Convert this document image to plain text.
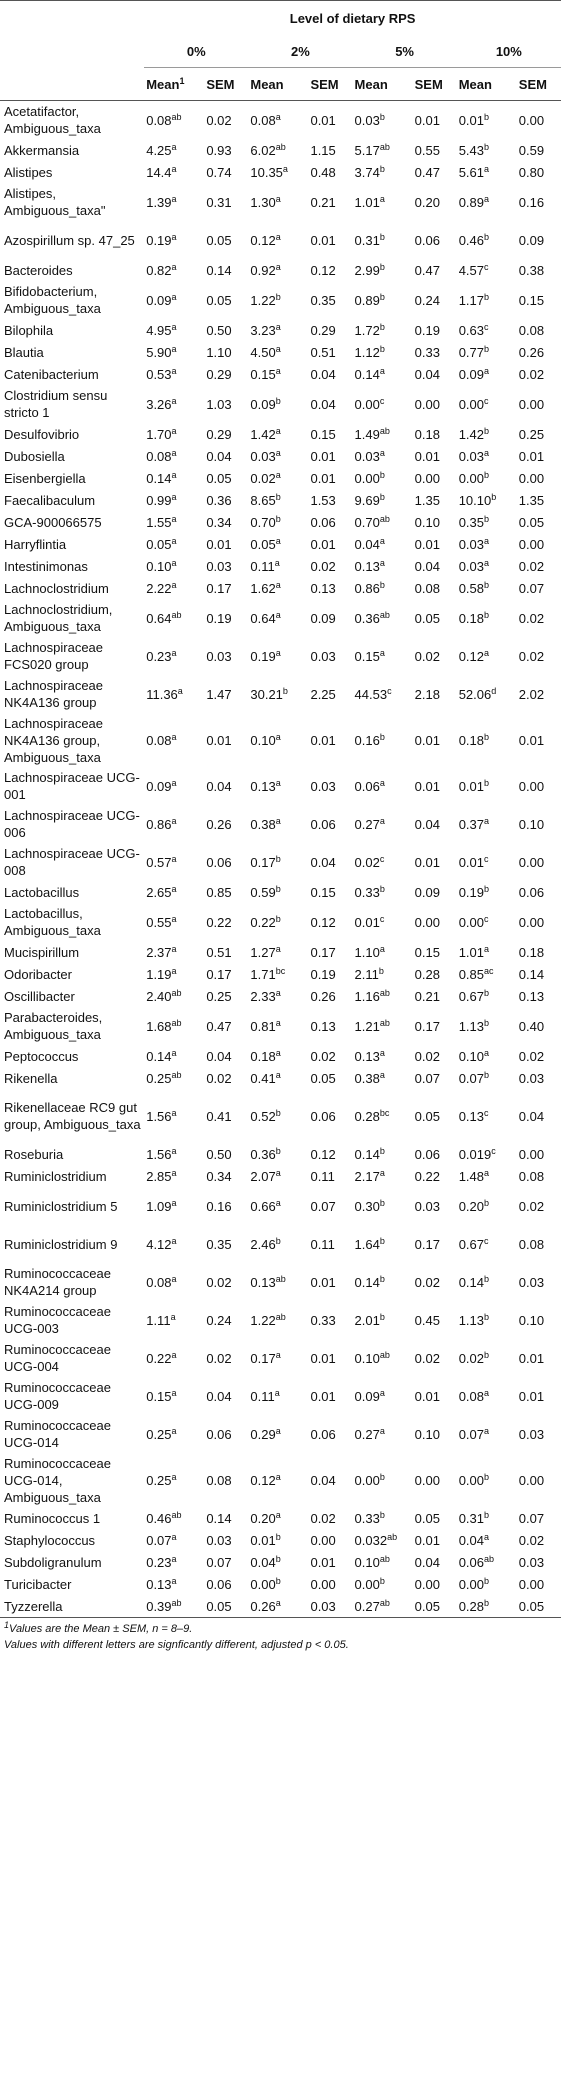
	Level of dietary RPS							
	0%		2%		5%		10%	
	Mean$^1$	SEM	Mean	SEM	Mean	SEM	Mean	SEM
Acetatifactor, Ambiguous_taxa	0.08$^{ab}$	0.02	0.08$^a$	0.01	0.03$^b$	0.01	0.01$^b$	0.00
Akkermansia	4.25$^a$	0.93	6.02$^{ab}$	1.15	5.17$^{ab}$	0.55	5.43$^b$	0.59
Alistipes	14.4$^a$	0.74	10.35$^a$	0.48	3.74$^b$	0.47	5.61$^a$	0.80
Alistipes, Ambiguous_taxa"	1.39$^a$	0.31	1.30$^a$	0.21	1.01$^a$	0.20	0.89$^a$	0.16
Azospirillum sp. 47_25	0.19$^a$	0.05	0.12$^a$	0.01	0.31$^b$	0.06	0.46$^b$	0.09
Bacteroides	0.82$^a$	0.14	0.92$^a$	0.12	2.99$^b$	0.47	4.57$^c$	0.38
Bifidobacterium, Ambiguous_taxa	0.09$^a$	0.05	1.22$^b$	0.35	0.89$^b$	0.24	1.17$^b$	0.15
Bilophila	4.95$^a$	0.50	3.23$^a$	0.29	1.72$^b$	0.19	0.63$^c$	0.08
Blautia	5.90$^a$	1.10	4.50$^a$	0.51	1.12$^b$	0.33	0.77$^b$	0.26
Catenibacterium	0.53$^a$	0.29	0.15$^a$	0.04	0.14$^a$	0.04	0.09$^a$	0.02
Clostridium sensu stricto 1	3.26$^a$	1.03	0.09$^b$	0.04	0.00$^c$	0.00	0.00$^c$	0.00
Desulfovibrio	1.70$^a$	0.29	1.42$^a$	0.15	1.49$^{ab}$	0.18	1.42$^b$	0.25
Dubosiella	0.08$^a$	0.04	0.03$^a$	0.01	0.03$^a$	0.01	0.03$^a$	0.01
Eisenbergiella	0.14$^a$	0.05	0.02$^a$	0.01	0.00$^b$	0.00	0.00$^b$	0.00
Faecalibaculum	0.99$^a$	0.36	8.65$^b$	1.53	9.69$^b$	1.35	10.10$^b$	1.35
GCA-900066575	1.55$^a$	0.34	0.70$^b$	0.06	0.70$^{ab}$	0.10	0.35$^b$	0.05
Harryflintia	0.05$^a$	0.01	0.05$^a$	0.01	0.04$^a$	0.01	0.03$^a$	0.00
Intestinimonas	0.10$^a$	0.03	0.11$^a$	0.02	0.13$^a$	0.04	0.03$^a$	0.02
Lachnoclostridium	2.22$^a$	0.17	1.62$^a$	0.13	0.86$^b$	0.08	0.58$^b$	0.07
Lachnoclostridium, Ambiguous_taxa	0.64$^{ab}$	0.19	0.64$^a$	0.09	0.36$^{ab}$	0.05	0.18$^b$	0.02
Lachnospiraceae FCS020 group	0.23$^a$	0.03	0.19$^a$	0.03	0.15$^a$	0.02	0.12$^a$	0.02
Lachnospiraceae NK4A136 group	11.36$^a$	1.47	30.21$^b$	2.25	44.53$^c$	2.18	52.06$^d$	2.02
Lachnospiraceae NK4A136 group, Ambiguous_taxa	0.08$^a$	0.01	0.10$^a$	0.01	0.16$^b$	0.01	0.18$^b$	0.01
Lachnospiraceae UCG-001	0.09$^a$	0.04	0.13$^a$	0.03	0.06$^a$	0.01	0.01$^b$	0.00
Lachnospiraceae UCG-006	0.86$^a$	0.26	0.38$^a$	0.06	0.27$^a$	0.04	0.37$^a$	0.10
Lachnospiraceae UCG-008	0.57$^a$	0.06	0.17$^b$	0.04	0.02$^c$	0.01	0.01$^c$	0.00
Lactobacillus	2.65$^a$	0.85	0.59$^b$	0.15	0.33$^b$	0.09	0.19$^b$	0.06
Lactobacillus, Ambiguous_taxa	0.55$^a$	0.22	0.22$^b$	0.12	0.01$^c$	0.00	0.00$^c$	0.00
Mucispirillum	2.37$^a$	0.51	1.27$^a$	0.17	1.10$^a$	0.15	1.01$^a$	0.18
Odoribacter	1.19$^a$	0.17	1.71$^{bc}$	0.19	2.11$^b$	0.28	0.85$^{ac}$	0.14
Oscillibacter	2.40$^{ab}$	0.25	2.33$^a$	0.26	1.16$^{ab}$	0.21	0.67$^b$	0.13
Parabacteroides, Ambiguous_taxa	1.68$^{ab}$	0.47	0.81$^a$	0.13	1.21$^{ab}$	0.17	1.13$^b$	0.40
Peptococcus	0.14$^a$	0.04	0.18$^a$	0.02	0.13$^a$	0.02	0.10$^a$	0.02
Rikenella	0.25$^{ab}$	0.02	0.41$^a$	0.05	0.38$^a$	0.07	0.07$^b$	0.03
Rikenellaceae RC9 gut group, Ambiguous_taxa	1.56$^a$	0.41	0.52$^b$	0.06	0.28$^{bc}$	0.05	0.13$^c$	0.04
Roseburia	1.56$^a$	0.50	0.36$^b$	0.12	0.14$^b$	0.06	0.019$^c$	0.00
Ruminiclostridium	2.85$^a$	0.34	2.07$^a$	0.11	2.17$^a$	0.22	1.48$^a$	0.08
Ruminiclostridium 5	1.09$^a$	0.16	0.66$^a$	0.07	0.30$^b$	0.03	0.20$^b$	0.02
Ruminiclostridium 9	4.12$^a$	0.35	2.46$^b$	0.11	1.64$^b$	0.17	0.67$^c$	0.08
Ruminococcaceae NK4A214 group	0.08$^a$	0.02	0.13$^{ab}$	0.01	0.14$^b$	0.02	0.14$^b$	0.03
Ruminococcaceae UCG-003	1.11$^a$	0.24	1.22$^{ab}$	0.33	2.01$^b$	0.45	1.13$^b$	0.10
Ruminococcaceae UCG-004	0.22$^a$	0.02	0.17$^a$	0.01	0.10$^{ab}$	0.02	0.02$^b$	0.01
Ruminococcaceae UCG-009	0.15$^a$	0.04	0.11$^a$	0.01	0.09$^a$	0.01	0.08$^a$	0.01
Ruminococcaceae UCG-014	0.25$^a$	0.06	0.29$^a$	0.06	0.27$^a$	0.10	0.07$^a$	0.03
Ruminococcaceae UCG-014, Ambiguous_taxa	0.25$^a$	0.08	0.12$^a$	0.04	0.00$^b$	0.00	0.00$^b$	0.00
Ruminococcus 1	0.46$^{ab}$	0.14	0.20$^a$	0.02	0.33$^b$	0.05	0.31$^b$	0.07
Staphylococcus	0.07$^a$	0.03	0.01$^b$	0.00	0.032$^{ab}$	0.01	0.04$^a$	0.02
Subdoligranulum	0.23$^a$	0.07	0.04$^b$	0.01	0.10$^{ab}$	0.04	0.06$^{ab}$	0.03
Turicibacter	0.13$^a$	0.06	0.00$^b$	0.00	0.00$^b$	0.00	0.00$^b$	0.00
Tyzzerella	0.39$^{ab}$	0.05	0.26$^a$	0.03	0.27$^{ab}$	0.05	0.28$^b$	0.05

$^1$Values are the Mean ± SEM, n = 8–9.
Values with different letters are signficantly different, adjusted p < 0.05.
